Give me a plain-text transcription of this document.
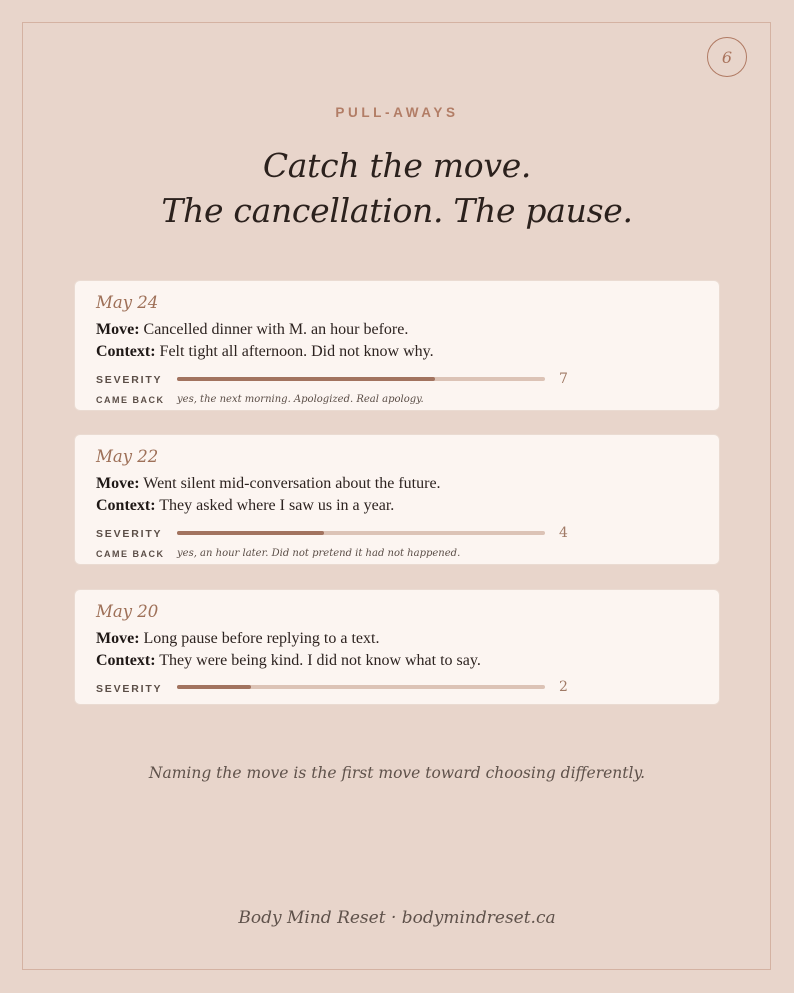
6
PULL-AWAYS
Catch the move.
The cancellation. The pause.
May 24
Move: Cancelled dinner with M. an hour before.
Context: Felt tight all afternoon. Did not know why.
SEVERITY	7
CAME BACK yes, the next morning. Apologized. Real apology.
May 22
Move: Went silent mid-conversation about the future.
Context: They asked where I saw us in a year.
SEVERITY	4
CAME BACK yes, an hour later. Did not pretend it had not happened.
May 20
Move: Long pause before replying to a text.
Context: They were being kind. I did not know what to say.
SEVERITY	2
Naming the move is the first move toward choosing differently.
Body Mind Reset · bodymindreset.ca
